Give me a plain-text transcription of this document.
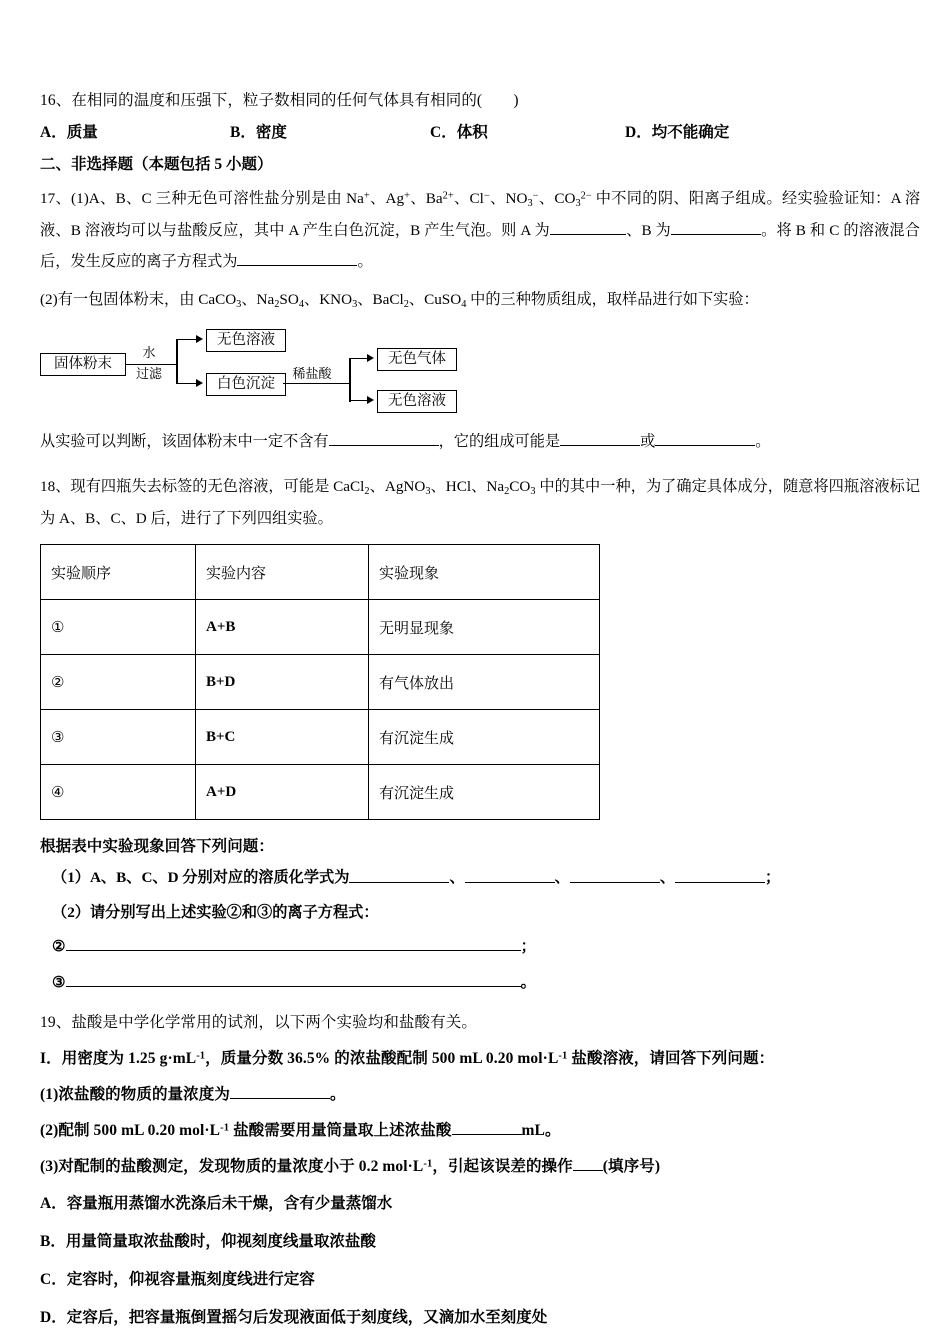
16、在相同的温度和压强下，粒子数相同的任何气体具有相同的(　　)
A．质量	B．密度	C．体积	D．均不能确定
二、非选择题（本题包括 5 小题）
17、(1)A、B、C 三种无色可溶性盐分别是由 Na+、Ag+、$Ba^{2+}$、Cl−、$NO_3^-$、$CO_3^{2-}$ 中不同的阴、阳离子组成。经实验验证知：A 溶液、B 溶液均可以与盐酸反应，其中 A 产生白色沉淀，B 产生气泡。则 A 为	、B 为	。将 B 和 C 的溶液混合后，发生反应的离子方程式为	。
(2)有一包固体粉末，由 CaCO$_3$、$Na_2SO_4$、$KNO_3$、BaCl$_2$、CuSO$_4$ 中的三种物质组成，取样品进行如下实验：
固体粉末
水
过滤
无色溶液
白色沉淀
稀盐酸
无色气体
无色溶液
从实验可以判断，该固体粉末中一定不含有	，它的组成可能是	或	。
18、现有四瓶失去标签的无色溶液，可能是 CaCl$_2$、AgNO$_3$、HCl、$Na_2CO_3$ 中的其中一种，为了确定具体成分，随意将四瓶溶液标记为 A、B、C、D 后，进行了下列四组实验。
实验顺序	实验内容	实验现象
①	A+B	无明显现象
②	B+D	有气体放出
③	B+C	有沉淀生成
④	A+D	有沉淀生成
根据表中实验现象回答下列问题：
（1）A、B、C、D 分别对应的溶质化学式为	、	、	、	；
（2）请分别写出上述实验②和③的离子方程式：
②	；
③	。
19、盐酸是中学化学常用的试剂，以下两个实验均和盐酸有关。
I．用密度为 1.25 $g\cdot mL^{-1}$，质量分数 36.5% 的浓盐酸配制 500 mL 0.20 $mol\cdot L^{-1}$ 盐酸溶液，请回答下列问题：
(1)浓盐酸的物质的量浓度为	。
(2)配制 500 mL 0.20 $mol\cdot L^{-1}$ 盐酸需要用量筒量取上述浓盐酸	mL。
(3)对配制的盐酸测定，发现物质的量浓度小于 0.2 $mol\cdot L^{-1}$，引起该误差的操作 (填序号)
A．容量瓶用蒸馏水洗涤后未干燥，含有少量蒸馏水
B．用量筒量取浓盐酸时，仰视刻度线量取浓盐酸
C．定容时，仰视容量瓶刻度线进行定容
D．定容后，把容量瓶倒置摇匀后发现液面低于刻度线，又滴加水至刻度处
